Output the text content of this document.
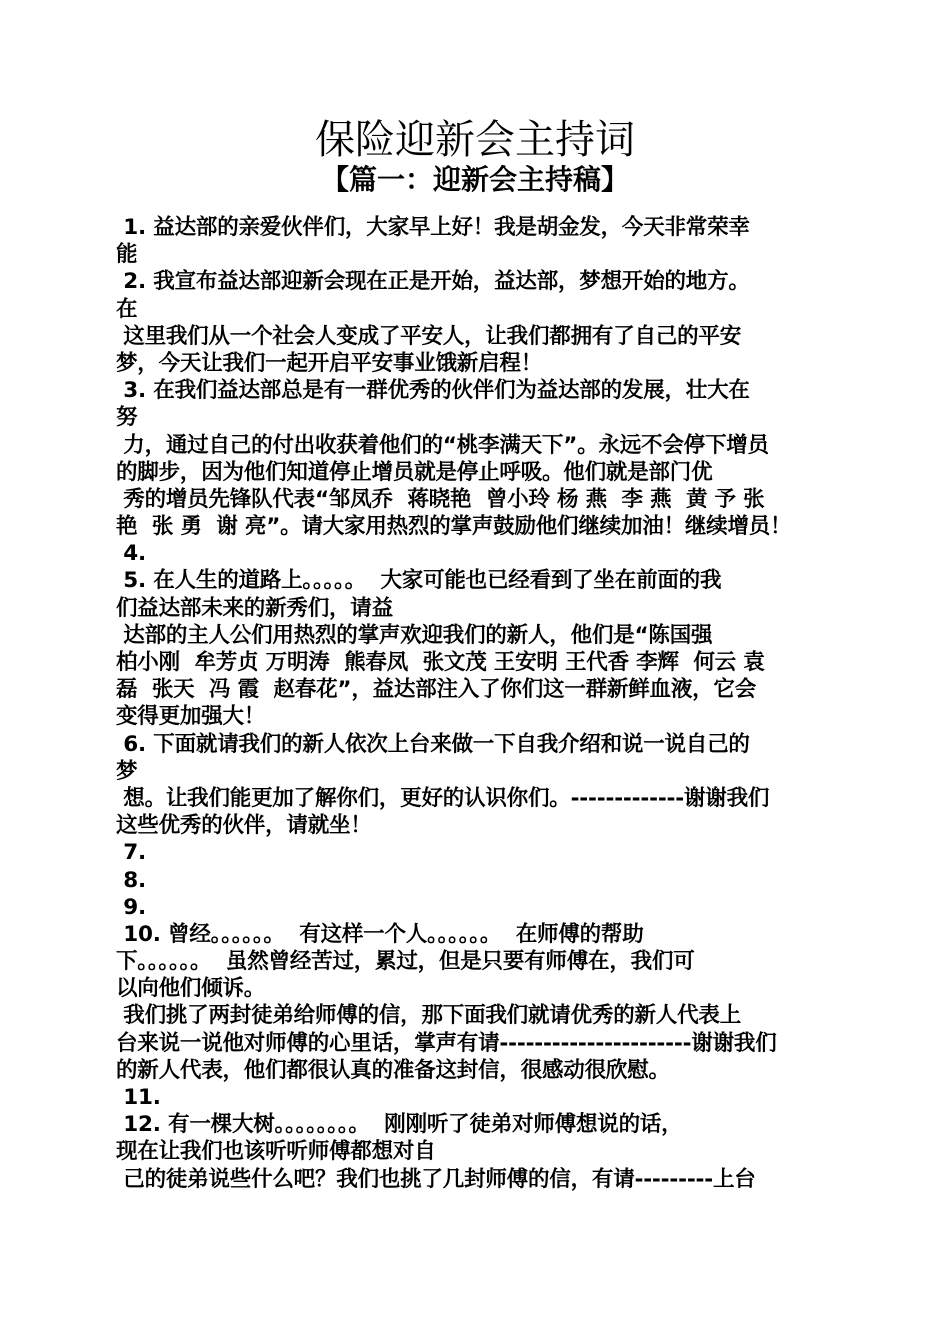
保险迎新会主持词
【篇一：迎新会主持稿】
1. 益达部的亲爱伙伴们，大家早上好！我是胡金发，今天非常荣幸
能
2. 我宣布益达部迎新会现在正是开始，益达部，梦想开始的地方。
在
这里我们从一个社会人变成了平安人，让我们都拥有了自己的平安
梦，今天让我们一起开启平安事业饿新启程！
3. 在我们益达部总是有一群优秀的伙伴们为益达部的发展，壮大在
努
力，通过自己的付出收获着他们的“桃李满天下”。永远不会停下增员
的脚步，因为他们知道停止增员就是停止呼吸。他们就是部门优
秀的增员先锋队代表“邹凤乔  蒋晓艳  曾小玲 杨 燕  李 燕  黄 予 张
艳  张 勇  谢 亮”。请大家用热烈的掌声鼓励他们继续加油！继续增员！
4.
5. 在人生的道路上。。。。。  大家可能也已经看到了坐在前面的我
们益达部未来的新秀们，请益
达部的主人公们用热烈的掌声欢迎我们的新人，他们是“陈国强
柏小刚  牟芳贞 万明涛  熊春凤  张文茂 王安明 王代香 李辉  何云 袁
磊  张天  冯 霞  赵春花”，益达部注入了你们这一群新鲜血液，它会
变得更加强大！
6. 下面就请我们的新人依次上台来做一下自我介绍和说一说自己的
梦
想。让我们能更加了解你们，更好的认识你们。-------------谢谢我们
这些优秀的伙伴，请就坐！
7.
8.
9.
10. 曾经。。。。。。  有这样一个人。。。。。。  在师傅的帮助
下。。。。。。  虽然曾经苦过，累过，但是只要有师傅在，我们可
以向他们倾诉。
我们挑了两封徒弟给师傅的信，那下面我们就请优秀的新人代表上
台来说一说他对师傅的心里话，掌声有请----------------------谢谢我们
的新人代表，他们都很认真的准备这封信，很感动很欣慰。
11.
12. 有一棵大树。。。。。。。。  刚刚听了徒弟对师傅想说的话，
现在让我们也该听听师傅都想对自
己的徒弟说些什么吧？我们也挑了几封师傅的信，有请---------上台
